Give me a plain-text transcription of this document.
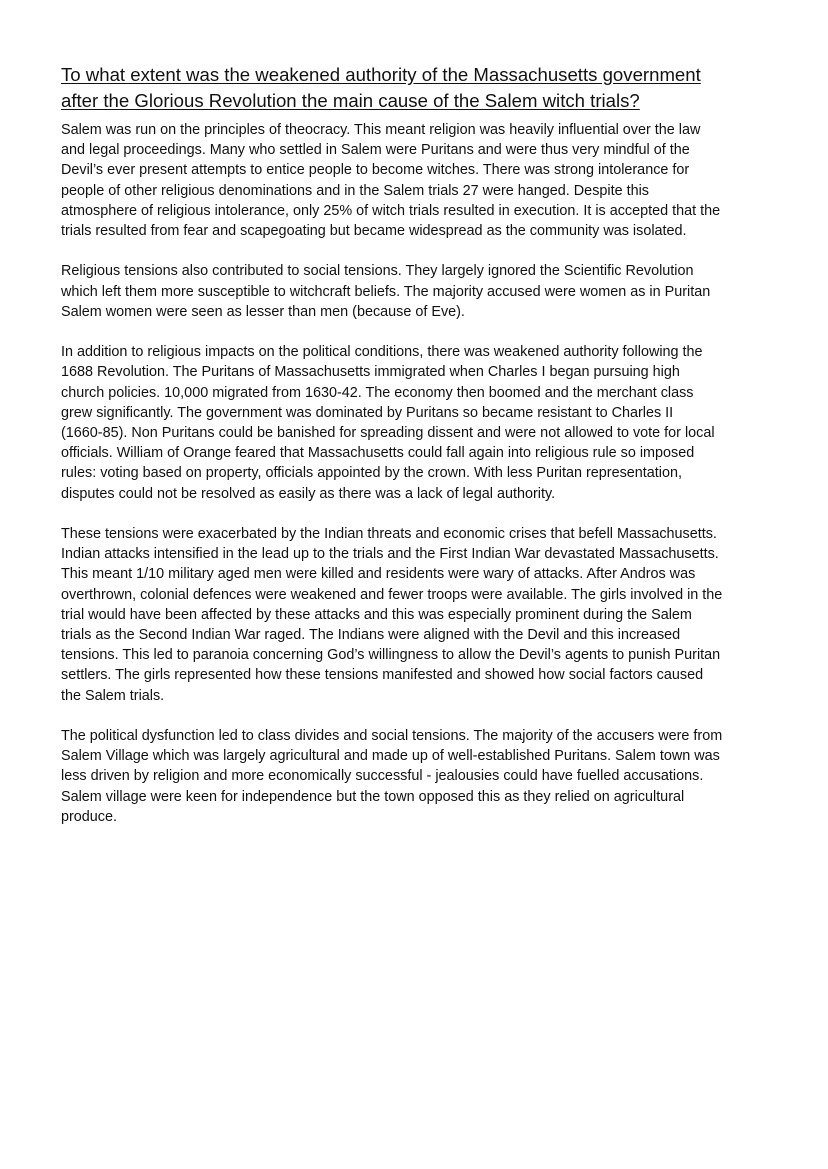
To what extent was the weakened authority of the Massachusetts government
after the Glorious Revolution the main cause of the Salem witch trials?

Salem was run on the principles of theocracy. This meant religion was heavily influential over the law
and legal proceedings. Many who settled in Salem were Puritans and were thus very mindful of the
Devil’s ever present attempts to entice people to become witches. There was strong intolerance for
people of other religious denominations and in the Salem trials 27 were hanged. Despite this
atmosphere of religious intolerance, only 25% of witch trials resulted in execution. It is accepted that the
trials resulted from fear and scapegoating but became widespread as the community was isolated.

Religious tensions also contributed to social tensions. They largely ignored the Scientific Revolution
which left them more susceptible to witchcraft beliefs. The majority accused were women as in Puritan
Salem women were seen as lesser than men (because of Eve).

In addition to religious impacts on the political conditions, there was weakened authority following the
1688 Revolution. The Puritans of Massachusetts immigrated when Charles I began pursuing high
church policies. 10,000 migrated from 1630-42. The economy then boomed and the merchant class
grew significantly. The government was dominated by Puritans so became resistant to Charles II
(1660-85). Non Puritans could be banished for spreading dissent and were not allowed to vote for local
officials. William of Orange feared that Massachusetts could fall again into religious rule so imposed
rules: voting based on property, officials appointed by the crown. With less Puritan representation,
disputes could not be resolved as easily as there was a lack of legal authority.

These tensions were exacerbated by the Indian threats and economic crises that befell Massachusetts.
Indian attacks intensified in the lead up to the trials and the First Indian War devastated Massachusetts.
This meant 1/10 military aged men were killed and residents were wary of attacks. After Andros was
overthrown, colonial defences were weakened and fewer troops were available. The girls involved in the
trial would have been affected by these attacks and this was especially prominent during the Salem
trials as the Second Indian War raged. The Indians were aligned with the Devil and this increased
tensions. This led to paranoia concerning God’s willingness to allow the Devil’s agents to punish Puritan
settlers. The girls represented how these tensions manifested and showed how social factors caused
the Salem trials.

The political dysfunction led to class divides and social tensions. The majority of the accusers were from
Salem Village which was largely agricultural and made up of well-established Puritans. Salem town was
less driven by religion and more economically successful - jealousies could have fuelled accusations.
Salem village were keen for independence but the town opposed this as they relied on agricultural
produce.
